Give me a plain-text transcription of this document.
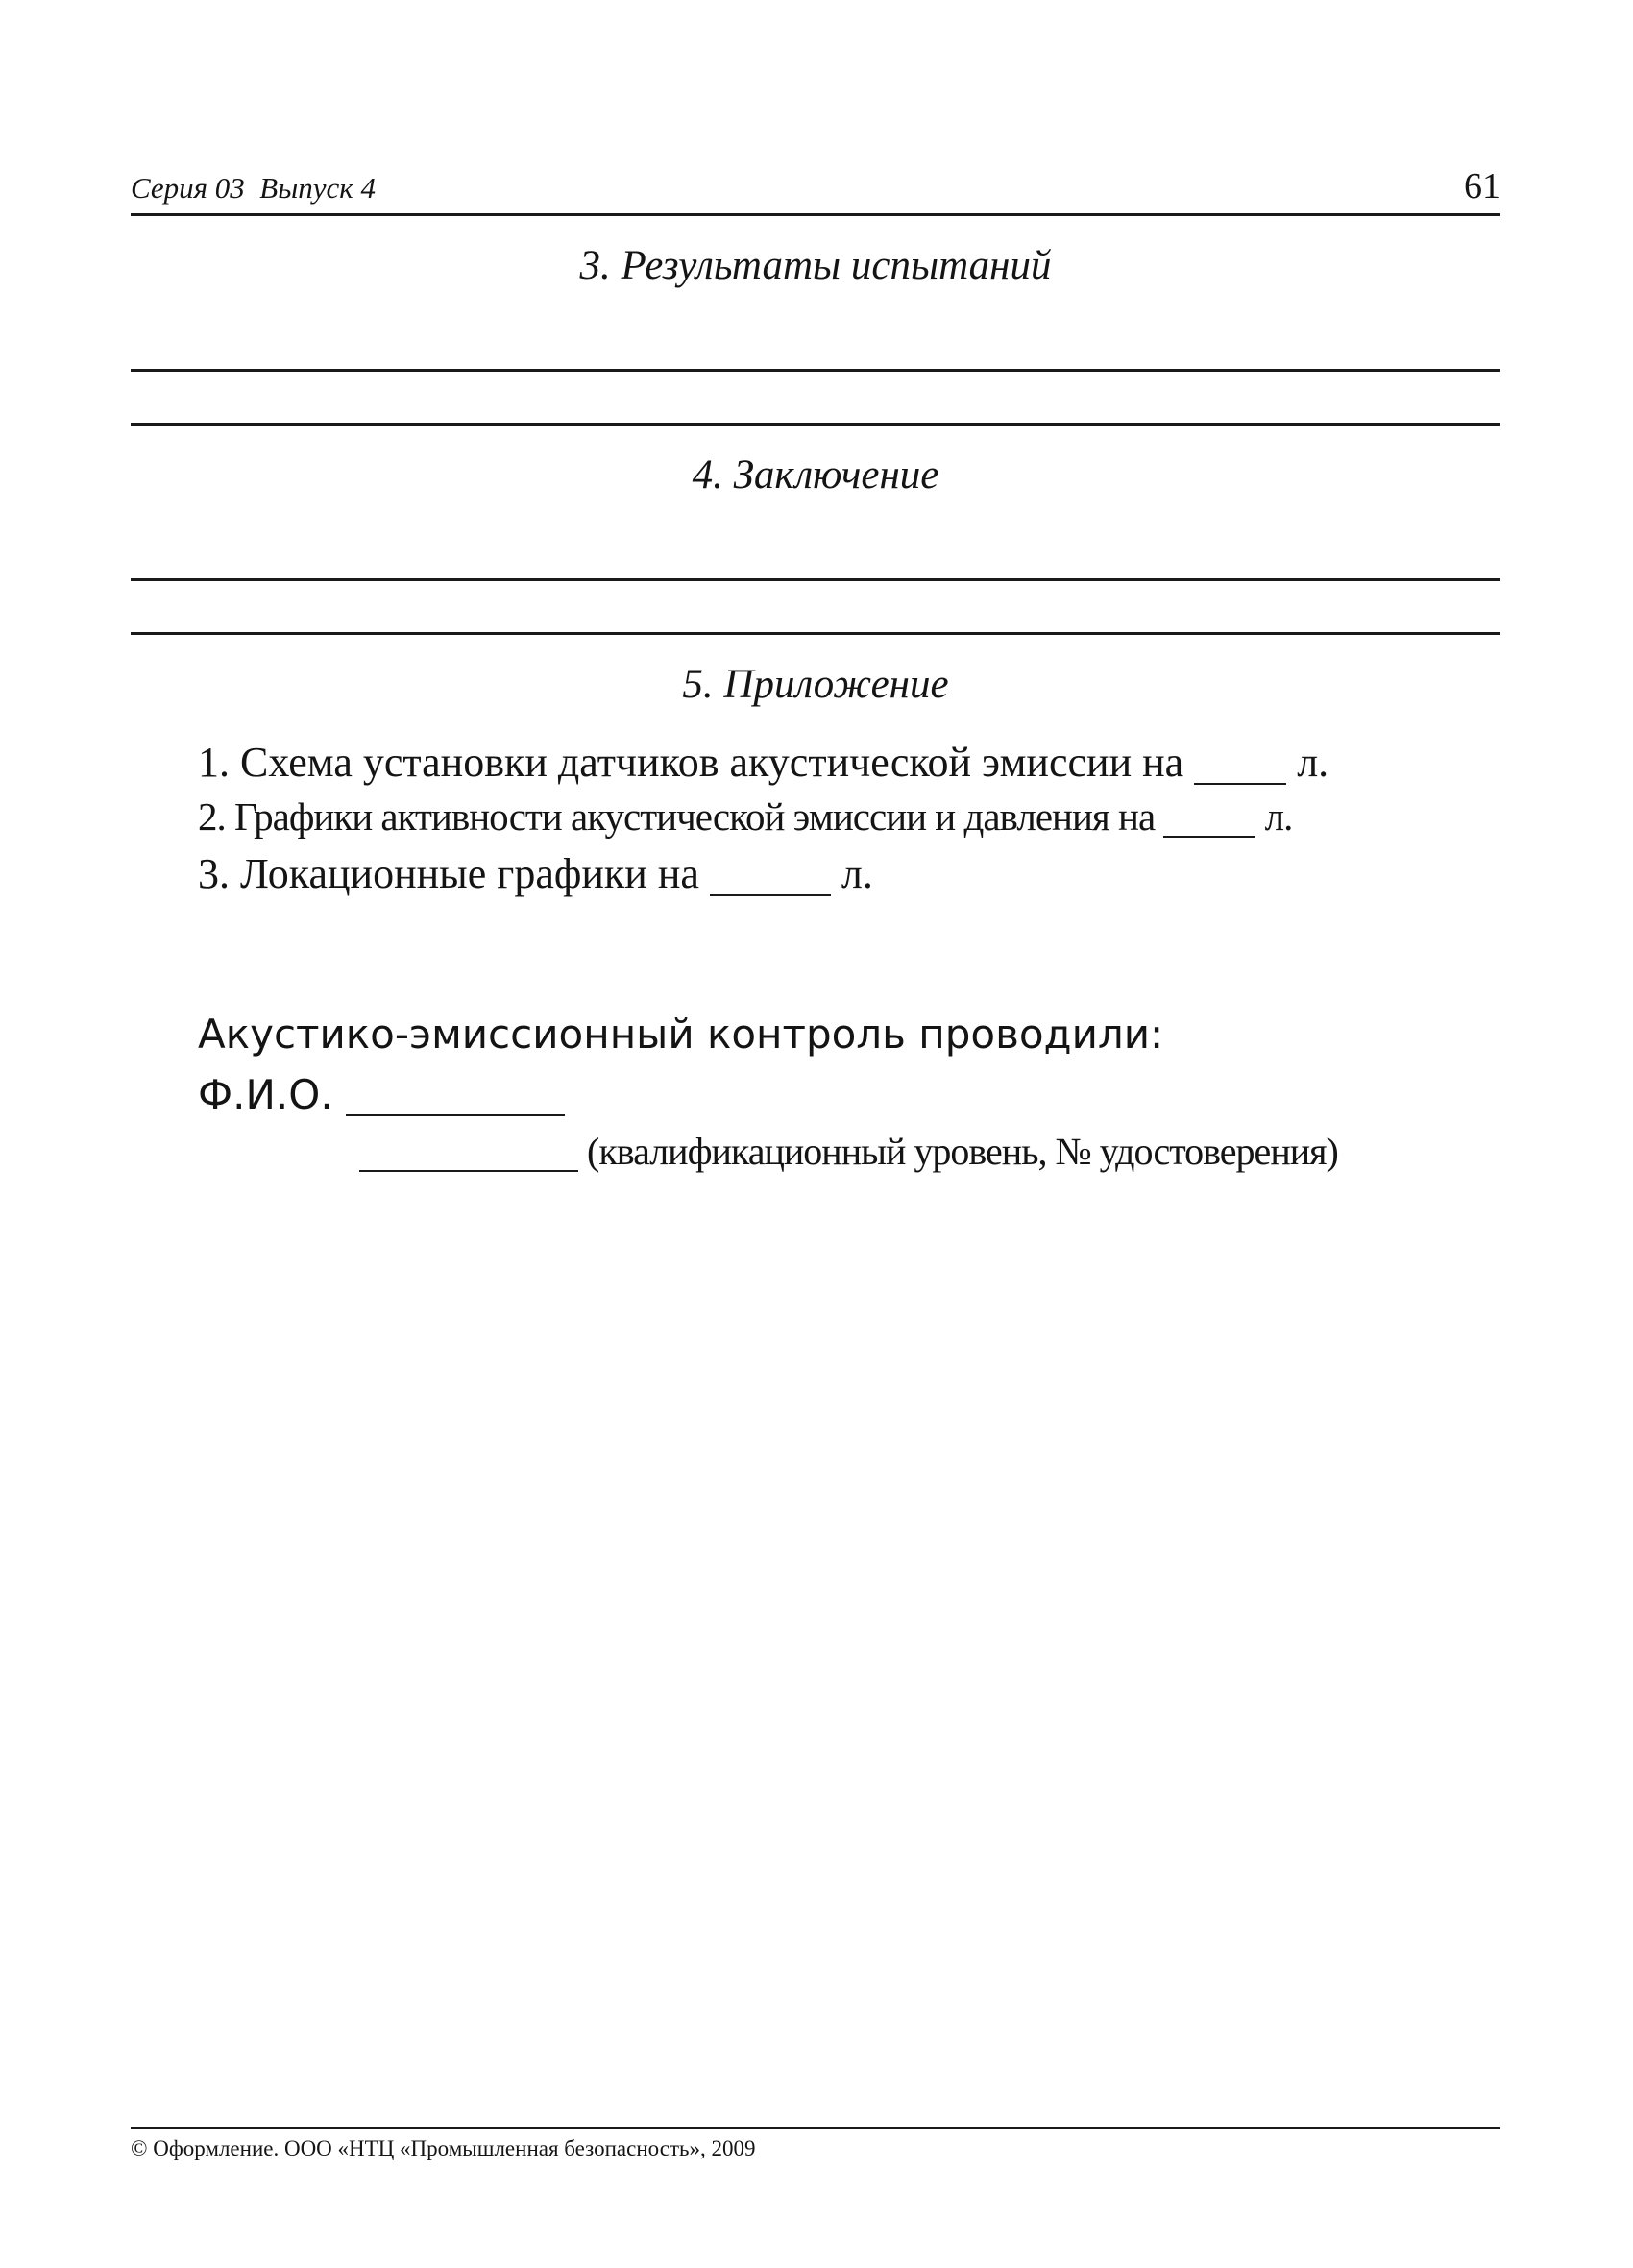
Серия 03  Выпуск 4	61
3. Результаты испытаний
4. Заключение
5. Приложение
1. Схема установки датчиков акустической эмиссии на	л.
2. Графики активности акустической эмиссии и давления на	л.
3. Локационные графики на	л.
Акустико-эмиссионный контроль проводили:
Ф.И.О.
(квалификационный уровень, № удостоверения)
© Оформление. ООО «НТЦ «Промышленная безопасность», 2009
